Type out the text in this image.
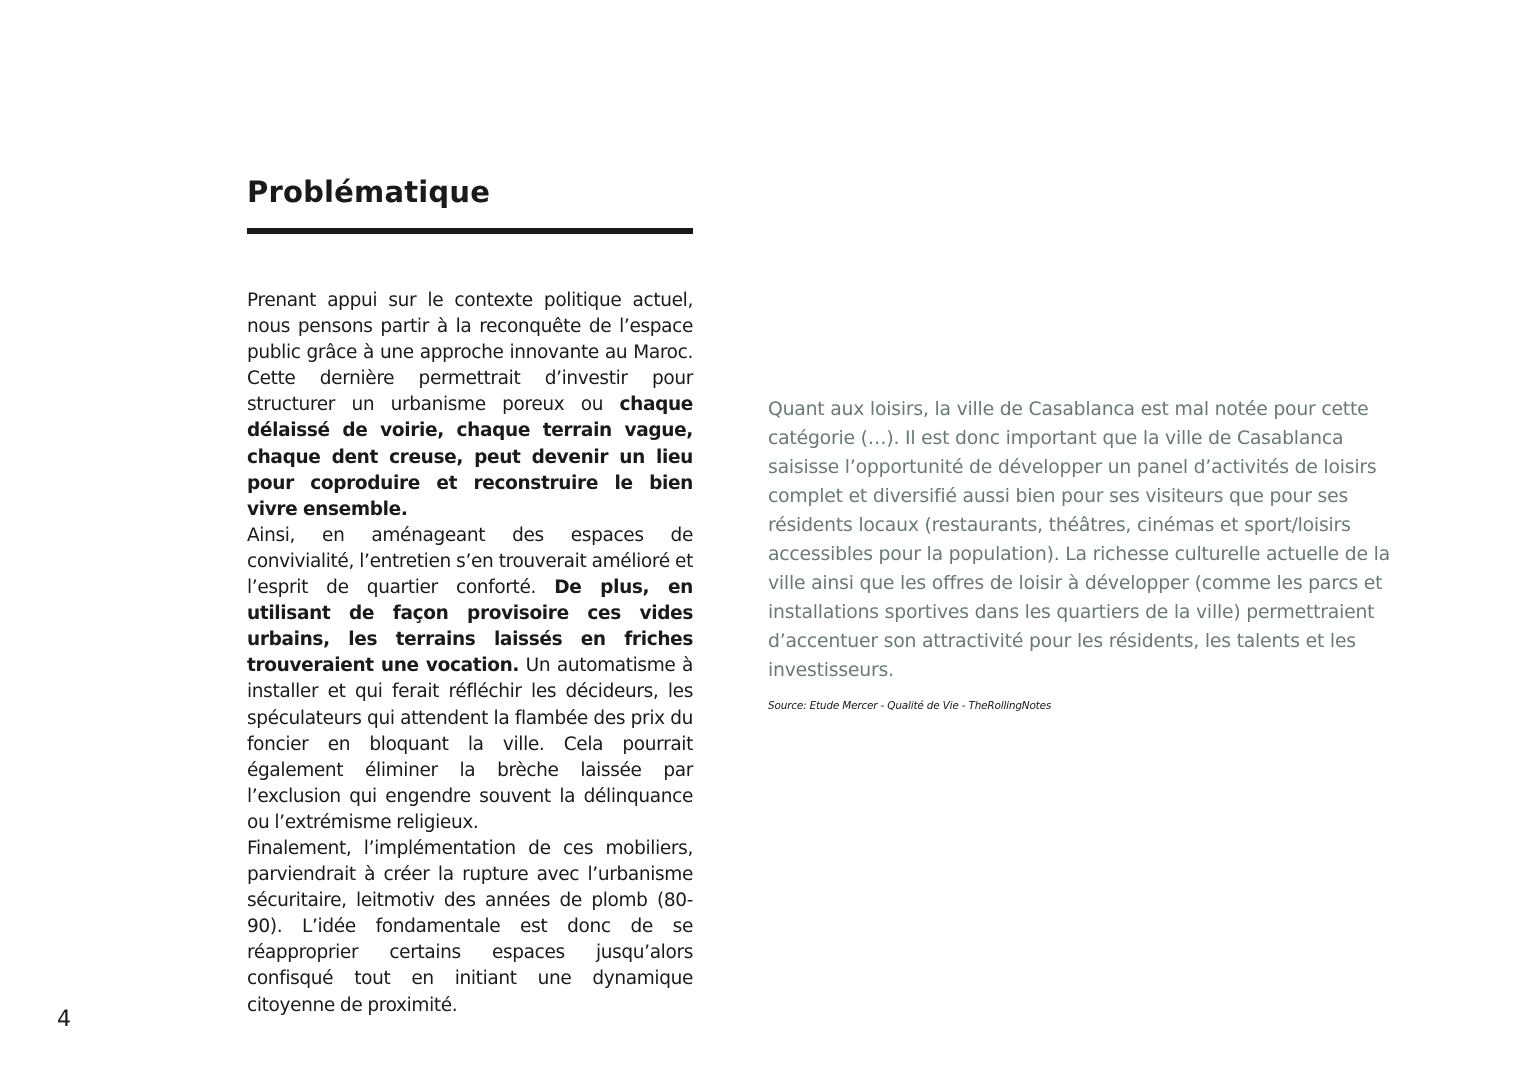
Problématique

Prenant appui sur le contexte politique actuel, nous pensons partir à la reconquête de l’espace public grâce à une approche innovante au Maroc. Cette dernière permettrait d’investir pour structurer un urbanisme poreux ou chaque délaissé de voirie, chaque terrain vague, chaque dent creuse, peut devenir un lieu pour coproduire et reconstruire le bien vivre ensemble.

Ainsi, en aménageant des espaces de convivialité, l’entretien s’en trouverait amélioré et l’esprit de quartier conforté. De plus, en utilisant de façon provisoire ces vides urbains, les terrains laissés en friches trouveraient une vocation. Un automatisme à installer et qui ferait réfléchir les décideurs, les spéculateurs qui attendent la flambée des prix du foncier en bloquant la ville. Cela pourrait également éliminer la brèche laissée par l’exclusion qui engendre souvent la délinquance ou l’extrémisme religieux.

Finalement, l’implémentation de ces mobiliers, parviendrait à créer la rupture avec l’urbanisme sécuritaire, leitmotiv des années de plomb (80-90). L’idée fondamentale est donc de se réapproprier certains espaces jusqu’alors confisqué tout en initiant une dynamique citoyenne de proximité.

Quant aux loisirs, la ville de Casablanca est mal notée pour cette catégorie (…). Il est donc important que la ville de Casablanca saisisse l’opportunité de développer un panel d’activités de loisirs complet et diversifié aussi bien pour ses visiteurs que pour ses résidents locaux (restaurants, théâtres, cinémas et sport/loisirs accessibles pour la population). La richesse culturelle actuelle de la ville ainsi que les offres de loisir à développer (comme les parcs et installations sportives dans les quartiers de la ville) permettraient d’accentuer son attractivité pour les résidents, les talents et les investisseurs.

Source: Etude Mercer - Qualité de Vie - TheRollingNotes
4
